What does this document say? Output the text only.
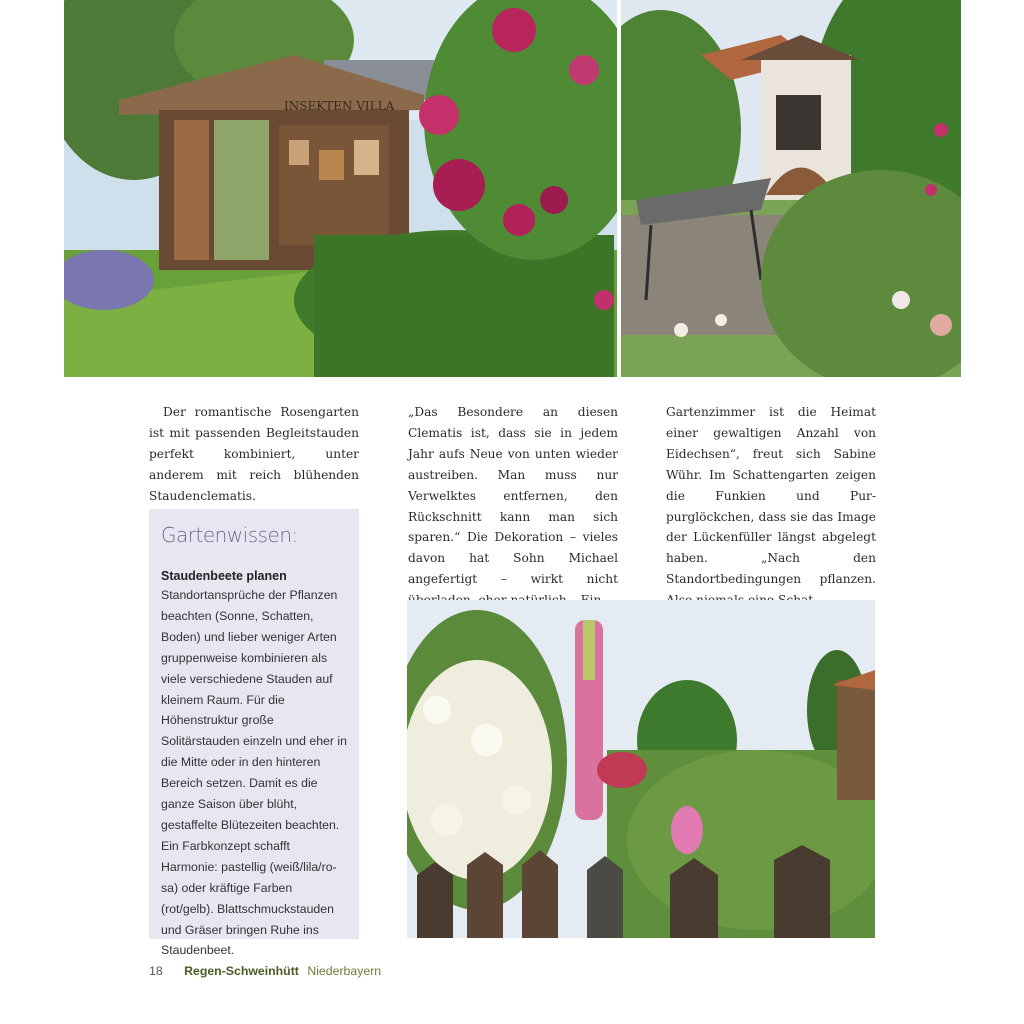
INSEKTEN VILLA

Der romantische Rosengarten ist mit passenden Begleitstauden perfekt kombiniert, unter anderem mit reich blühenden Staudenclematis.

„Das Besondere an diesen Clematis ist, dass sie in jedem Jahr aufs Neue von unten wieder austreiben. Man muss nur Verwelktes entfernen, den Rückschnitt kann man sich sparen.“ Die Dekoration – vieles davon hat Sohn Michael angefertigt – wirkt nicht

Gartenzimmer ist die Heimat einer gewaltigen Anzahl von Eidechsen“, freut sich Sabine Wühr. Im Schattengarten zeigen die Funkien und Purpurglöckchen, dass sie das Image der Lückenfüller längst abgelegt haben. „Nach den Standortbedingungen pflanzen.

Gartenwissen:
Staudenbeete planen

Standortansprüche der Pflanzen beachten (Sonne, Schatten, Boden) und lieber weniger Arten gruppenweise kombinieren als viele verschiedene Stauden auf kleinem Raum. Für die Höhenstruktur große Solitärstauden einzeln und eher in die Mitte oder in den hinteren Bereich setzen. Damit es die ganze Saison über blüht, gestaffelte Blütezeiten beachten. Ein Farbkonzept schafft Harmonie: pastellig (weiß/lila/rosa) oder kräftige Farben (rot/gelb). Blattschmuckstauden und Gräser bringen Ruhe ins Staudenbeet.

18 Regen-Schweinhütt Niederbayern
